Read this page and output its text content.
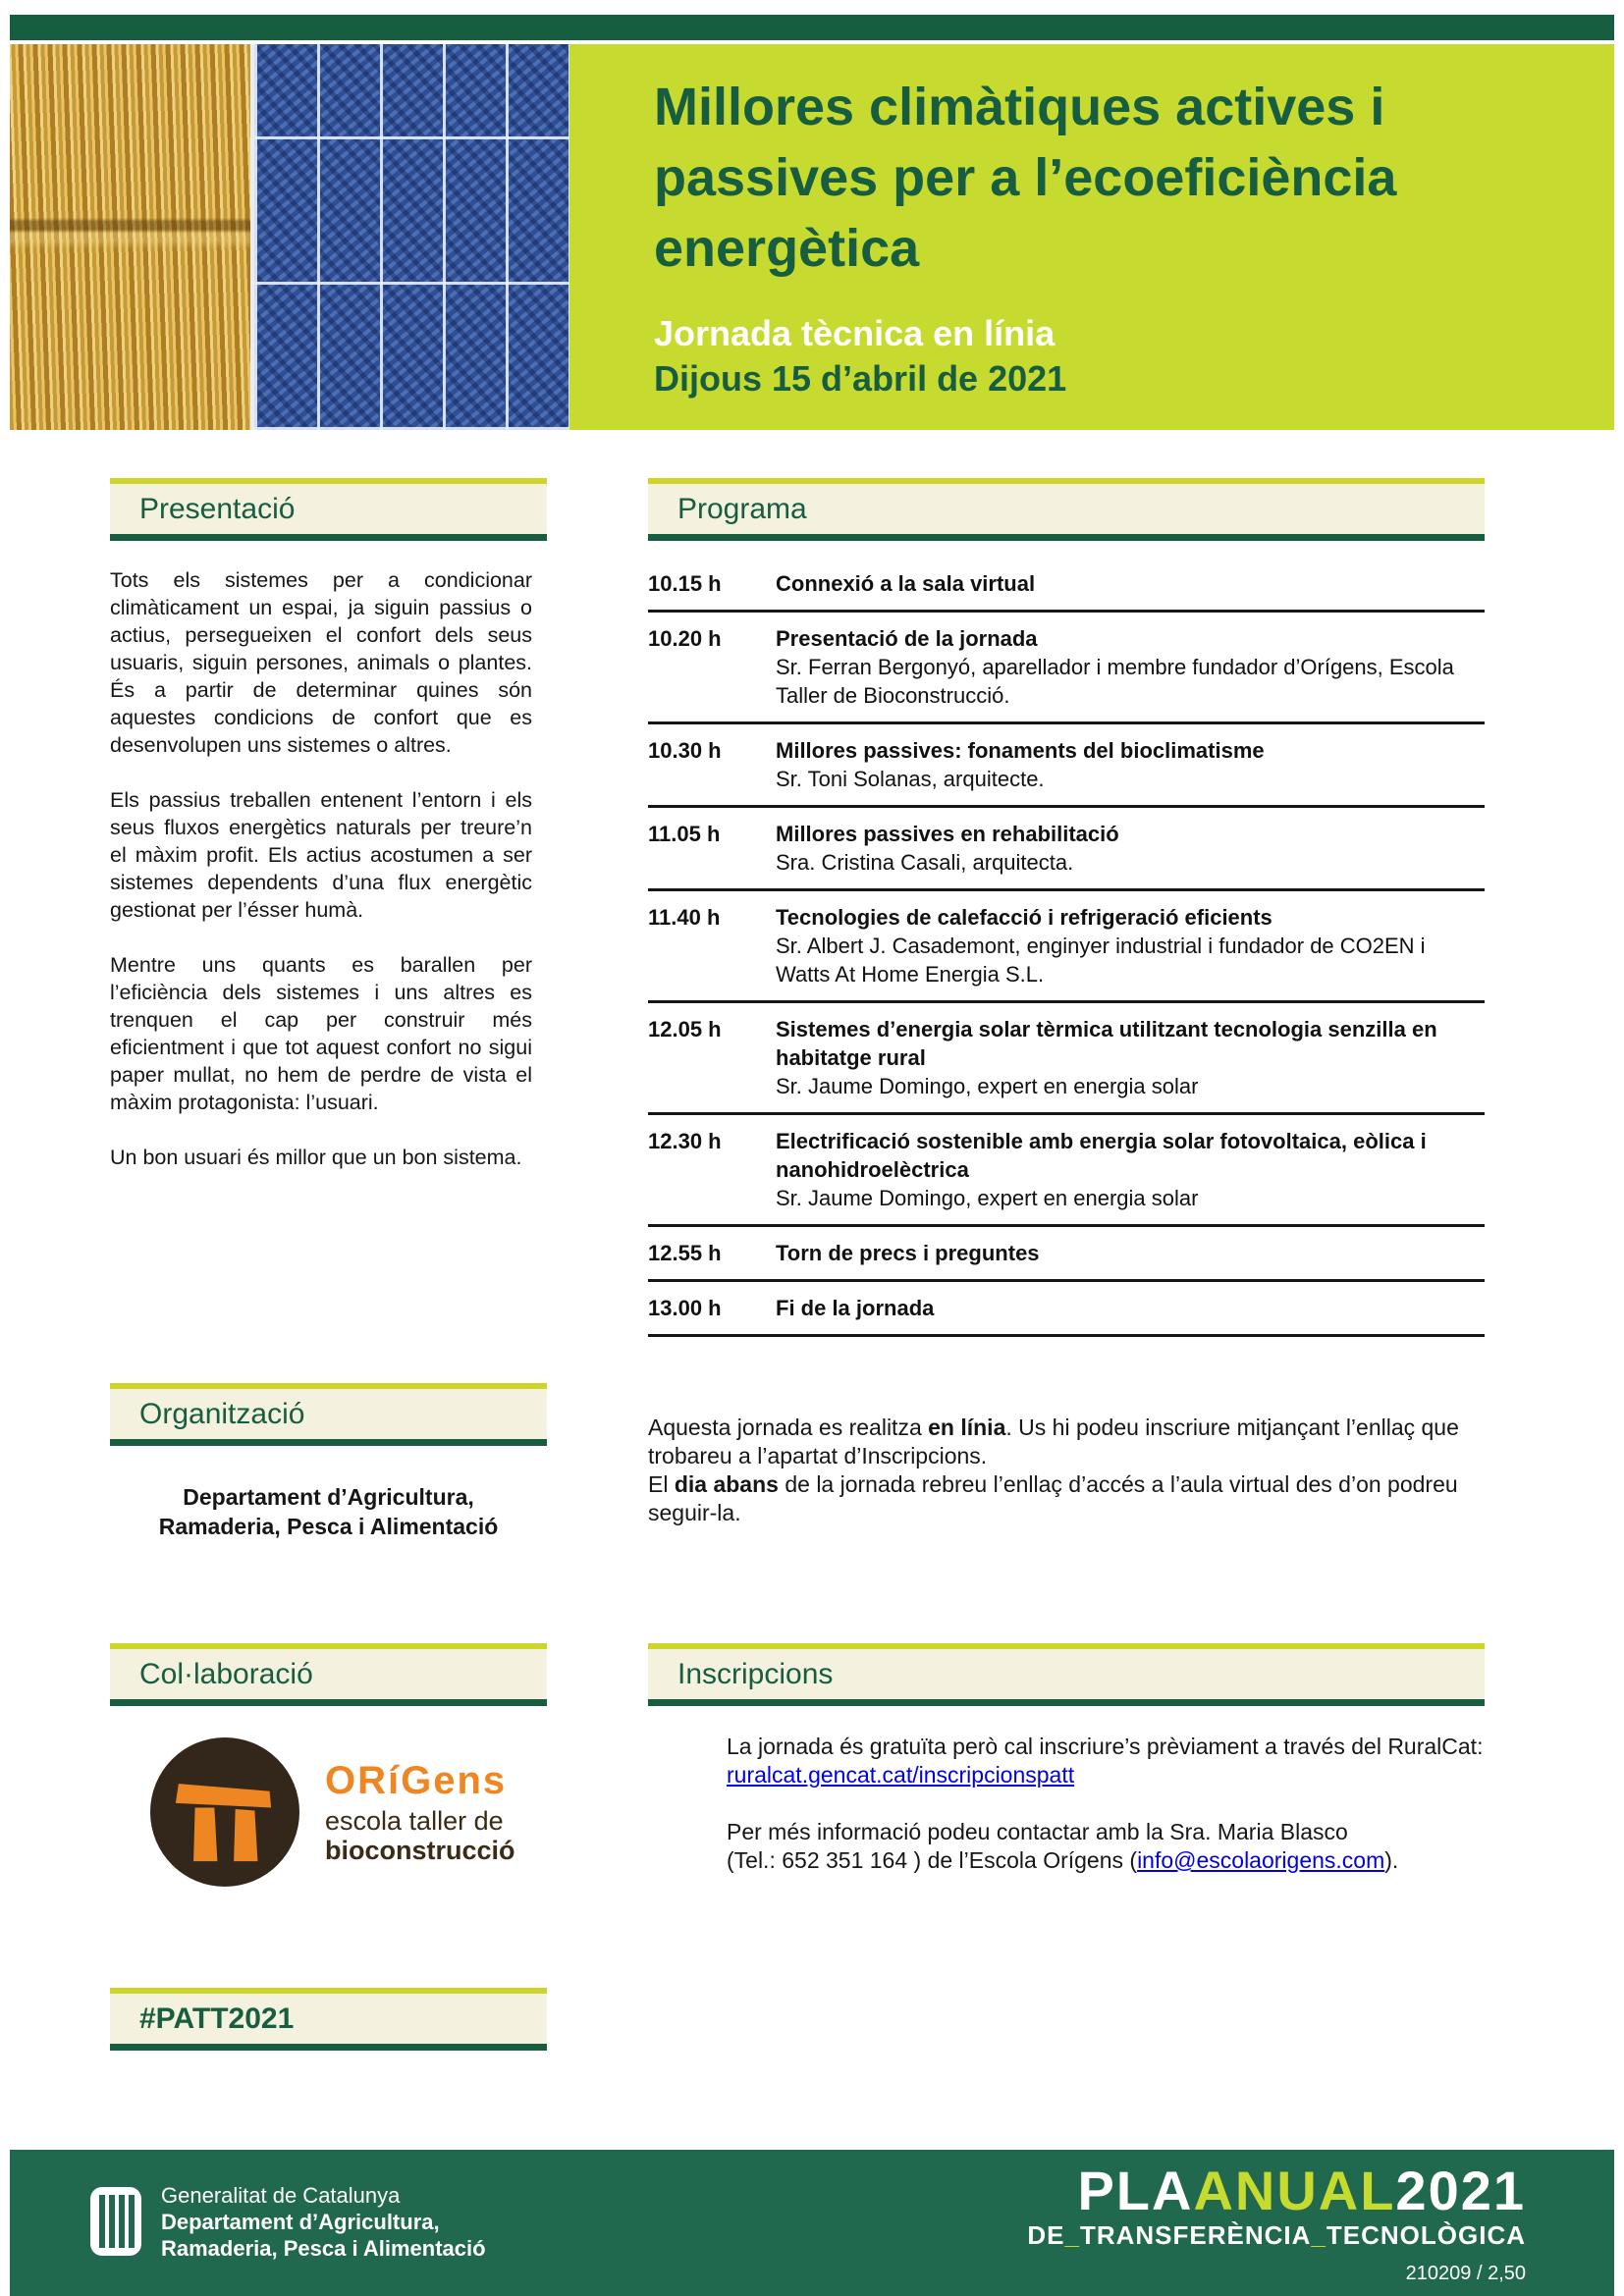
Millores climàtiques actives i
passives per a l’ecoeficiència
energètica
Jornada tècnica en línia
Dijous 15 d’abril de 2021
Presentació

Tots els sistemes per a condicionar climàticament un espai, ja siguin passius o actius, persegueixen el confort dels seus usuaris, siguin persones, animals o plantes. És a partir de determinar quines són aquestes condicions de confort que es desenvolupen uns sistemes o altres.

Els passius treballen entenent l’entorn i els seus fluxos energètics naturals per treure’n el màxim profit. Els actius acostumen a ser sistemes dependents d’una flux energètic gestionat per l’ésser humà.

Mentre uns quants es barallen per l’eficiència dels sistemes i uns altres es trenquen el cap per construir més eficientment i que tot aquest confort no sigui paper mullat, no hem de perdre de vista el màxim protagonista: l’usuari.

Un bon usuari és millor que un bon sistema.

Organització
Departament d’Agricultura,
Ramaderia, Pesca i Alimentació
Col·laboració
ORíGens
escola taller de
bioconstrucció
#PATT2021
Programa
10.15 h	Connexió a la sala virtual
10.20 h	Presentació de la jornada
Sr. Ferran Bergonyó, aparellador i membre fundador d’Orígens, Escola Taller de Bioconstrucció.
10.30 h	Millores passives: fonaments del bioclimatisme
Sr. Toni Solanas, arquitecte.
11.05 h	Millores passives en rehabilitació
Sra. Cristina Casali, arquitecta.
11.40 h	Tecnologies de calefacció i refrigeració eficients
Sr. Albert J. Casademont, enginyer industrial i fundador de CO2EN i Watts At Home Energia S.L.
12.05 h	Sistemes d’energia solar tèrmica utilitzant tecnologia senzilla en habitatge rural
Sr. Jaume Domingo, expert en energia solar
12.30 h	Electrificació sostenible amb energia solar fotovoltaica, eòlica i nanohidroelèctrica
Sr. Jaume Domingo, expert en energia solar
12.55 h	Torn de precs i preguntes
13.00 h	Fi de la jornada

Aquesta jornada es realitza en línia. Us hi podeu inscriure mitjançant l’enllaç que trobareu a l’apartat d’Inscripcions.

El dia abans de la jornada rebreu l’enllaç d’accés a l’aula virtual des d’on podreu seguir-la.

Inscripcions

La jornada és gratuïta però cal inscriure’s prèviament a través del RuralCat:

ruralcat.gencat.cat/inscripcionspatt

Per més informació podeu contactar amb la Sra. Maria Blasco

(Tel.: 652 351 164 ) de l’Escola Orígens (info@escolaorigens.com).

Generalitat de Catalunya
Departament d’Agricultura,
Ramaderia, Pesca i Alimentació
PLAANUAL2021
DE_TRANSFERÈNCIA_TECNOLÒGICA
210209 / 2,50
